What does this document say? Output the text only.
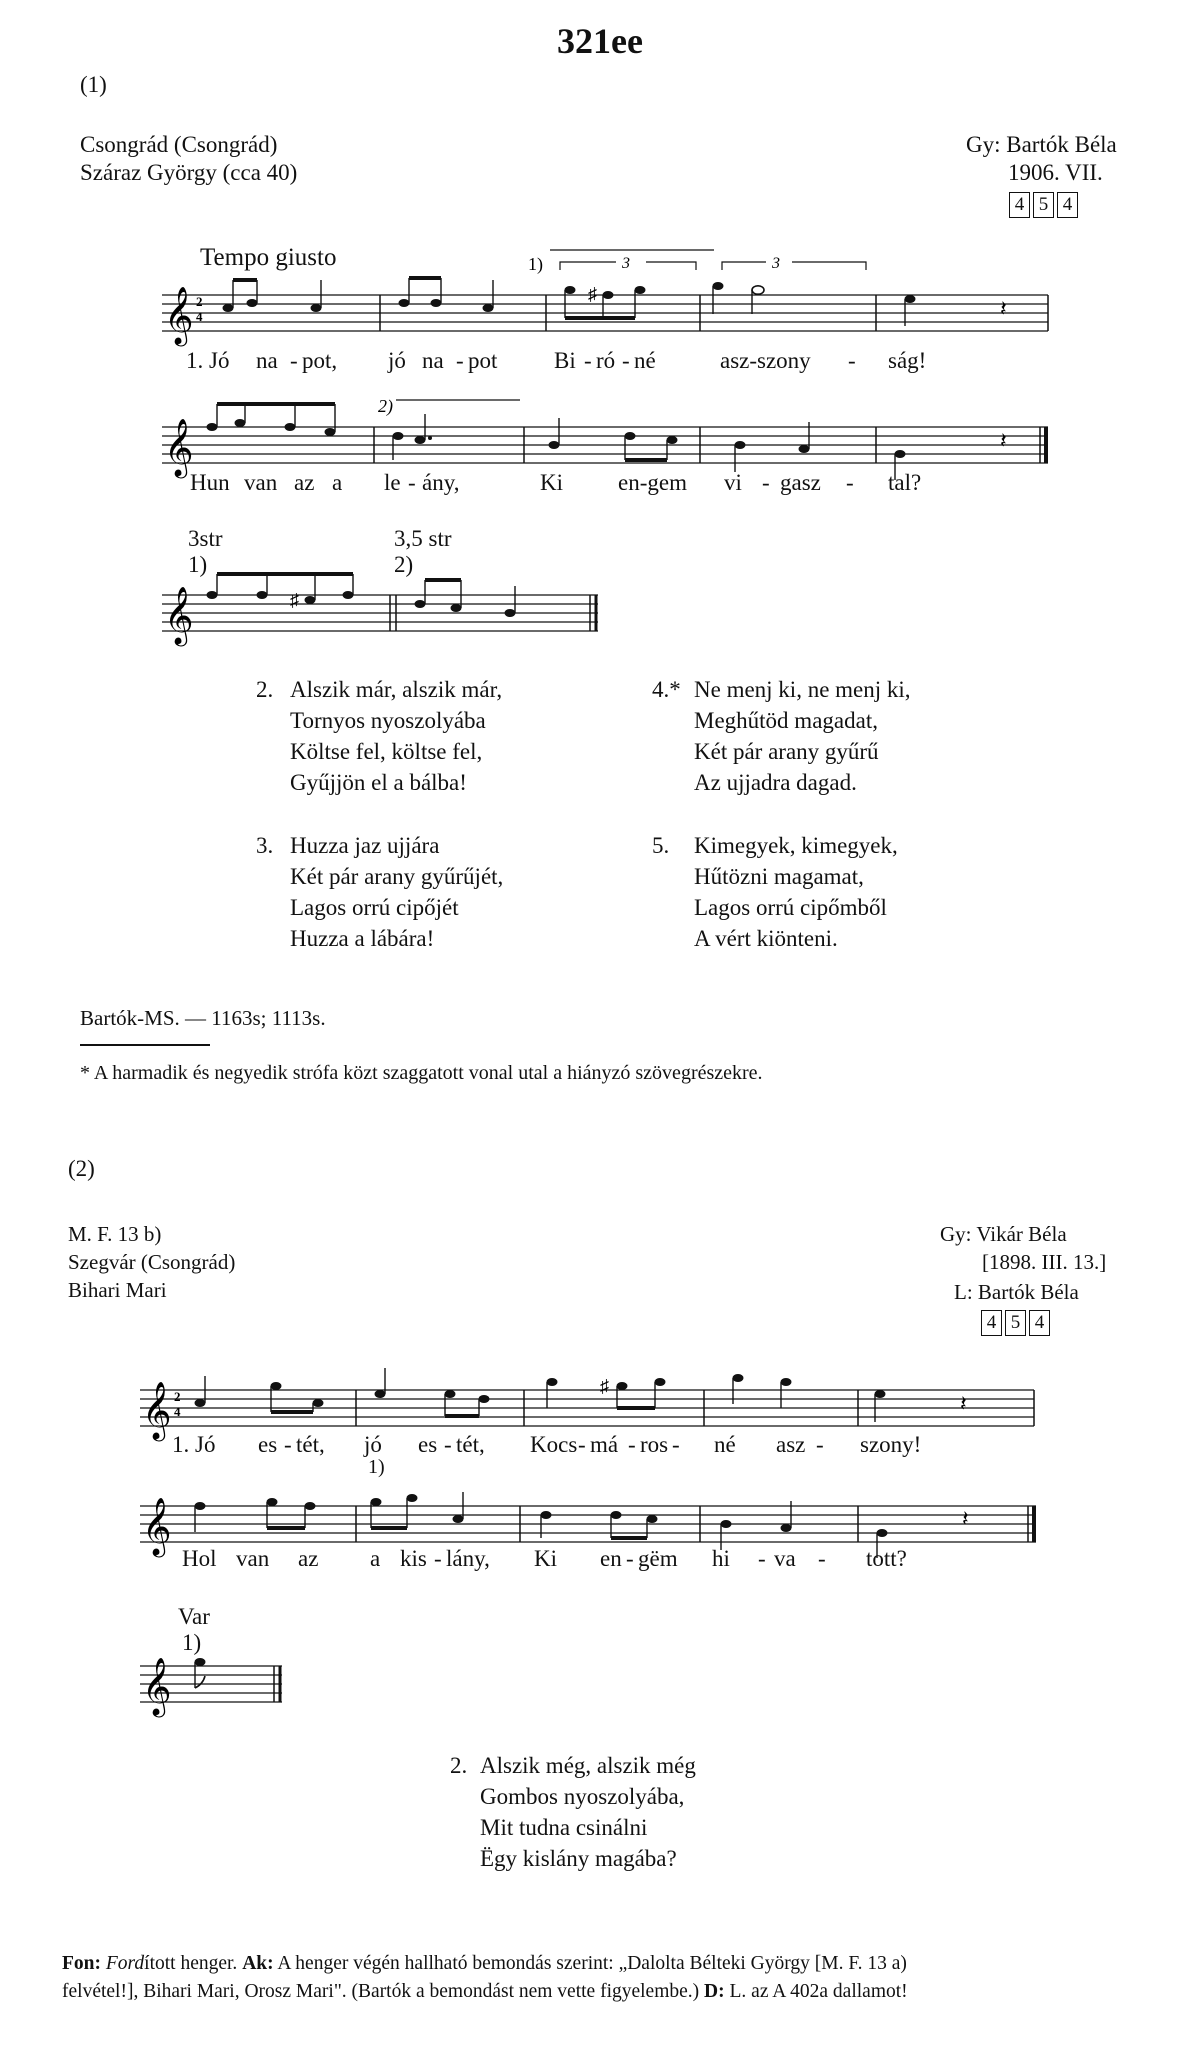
321ee
(1)
Csongrád (Csongrád)
Száraz György (cca 40)
Gy: Bartók Béla
1906. VII.
4 5 4
Tempo giusto
𝄞 2
4
♯
𝄽
3	3
1)
1. Jó na - pot, jó na - pot Bi - ró - né	asz-szony - ság!
𝄞	𝄽
2)
Hun van az a le - ány,	Ki en-gem vi - gasz - tal?
3str
1)
3,5 str
2)
𝄞	♯
2. Alszik már, alszik már,
Tornyos nyoszolyába
Költse fel, költse fel,
Gyűjjön el a bálba!
3. Huzza jaz ujjára
Két pár arany gyűrűjét,
Lagos orrú cipőjét
Huzza a lábára!
4.* Ne menj ki, ne menj ki,
Meghűtöd magadat,
Két pár arany gyűrű
Az ujjadra dagad.
5. Kimegyek, kimegyek,
Hűtözni magamat,
Lagos orrú cipőmből
A vért kiönteni.
Bartók-MS. — 1163s; 1113s.
* A harmadik és negyedik strófa közt szaggatott vonal utal a hiányzó szövegrészekre.
(2)
M. F. 13 b)
Szegvár (Csongrád)
Bihari Mari
Gy: Vikár Béla
[1898. III. 13.]
L: Bartók Béla
4 5 4
𝄞 2
4
♯
𝄽
1. Jó es - tét, jó es - tét, Kocs - má - ros - né asz - szony!
1)
𝄞	𝄽
Hol van az a kis - lány, Ki en - gëm hi - va - tott?
Var
1)
𝄞
2. Alszik még, alszik még
Gombos nyoszolyába,
Mit tudna csinálni
Ëgy kislány magába?
Fon: Fordított henger. Ak: A henger végén hallható bemondás szerint: „Dalolta Bélteki György [M. F. 13 a)
felvétel!], Bihari Mari, Orosz Mari". (Bartók a bemondást nem vette figyelembe.) D: L. az A 402a dallamot!
